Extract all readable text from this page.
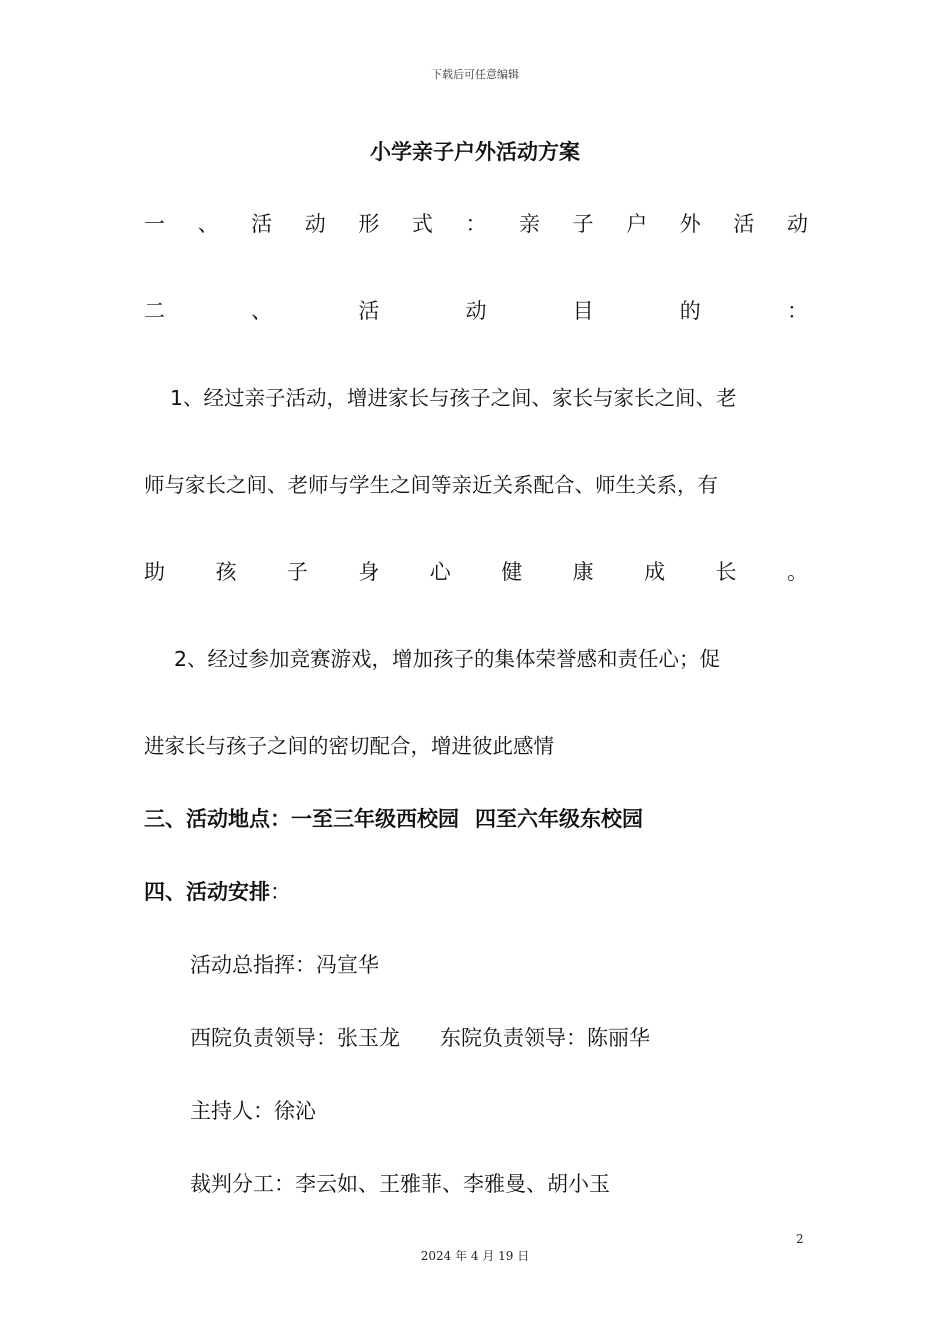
下载后可任意编辑
小学亲子户外活动方案
一 、 活 动 形 式 ： 亲 子 户 外 活 动
二	、	活	动	目	的	：
1、经过亲子活动，增进家长与孩子之间、家长与家长之间、老
师与家长之间、老师与学生之间等亲近关系配合、师生关系，有
助 孩 子 身 心 健 康 成 长 。
2、经过参加竞赛游戏，增加孩子的集体荣誉感和责任心；促
进家长与孩子之间的密切配合，增进彼此感情
三、活动地点：一至三年级西校园 四至六年级东校园
四、活动安排：
活动总指挥：冯宣华
西院负责领导：张玉龙 东院负责领导：陈丽华
主持人：徐沁
裁判分工：李云如、王雅菲、李雅曼、胡小玉
2
2024 年 4 月 19 日
